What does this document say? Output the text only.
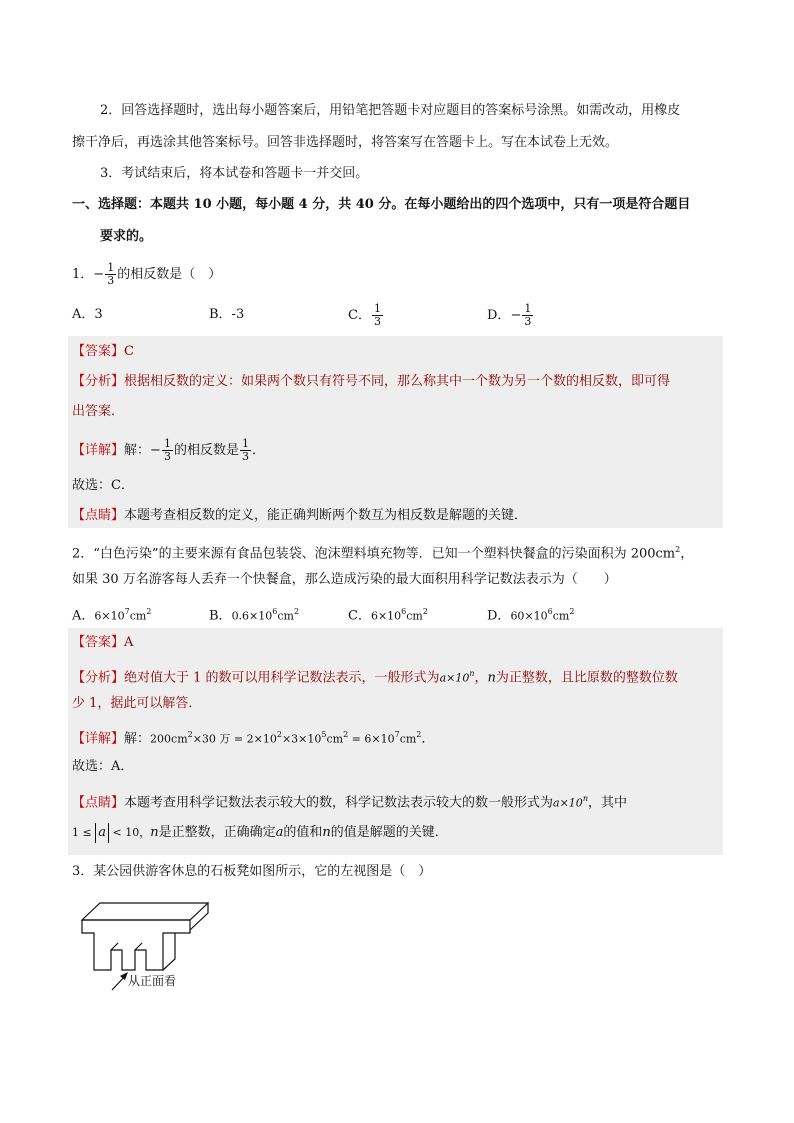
2．回答选择题时，选出每小题答案后，用铅笔把答题卡对应题目的答案标号涂黑。如需改动，用橡皮
擦干净后，再选涂其他答案标号。回答非选择题时，将答案写在答题卡上。写在本试卷上无效。
3．考试结束后，将本试卷和答题卡一并交回。
一、选择题：本题共 10 小题，每小题 4 分，共 40 分。在每小题给出的四个选项中，只有一项是符合题目
要求的。
1．− $\frac{1}{3}$ 的相反数是（　）
A．3	B．-3	C． $\frac{1}{3}$	D．− $\frac{1}{3}$
【答案】C
【分析】根据相反数的定义：如果两个数只有符号不同，那么称其中一个数为另一个数的相反数，即可得
出答案．
【详解】解：− $\frac{1}{3}$ 的相反数是 $\frac{1}{3}$ ．
故选：C．
【点睛】本题考查相反数的定义，能正确判断两个数互为相反数是解题的关键．
2．“白色污染”的主要来源有食品包装袋、泡沫塑料填充物等．已知一个塑料快餐盒的污染面积为 $200cm^2$，
如果 30 万名游客每人丢弃一个快餐盒，那么造成污染的最大面积用科学记数法表示为（　　）
A．$6\times 10^7cm^2$	B．$0.6\times 10^6cm^2$	C．$6\times 10^6cm^2$	D．$60\times 10^6cm^2$
【答案】A
【分析】绝对值大于 1 的数可以用科学记数法表示，一般形式为$a\times 10^n$，n为正整数，且比原数的整数位数
少 1，据此可以解答．
【详解】解：$200cm^2\times 30$ 万 = $2\times 10^2\times 3\times 10^5cm^2 = 6\times 10^7cm^2$．
故选：A．
【点睛】本题考查用科学记数法表示较大的数，科学记数法表示较大的数一般形式为$a\times 10^n$，其中
1 ≤ a < 10，n是正整数，正确确定a的值和n的值是解题的关键．
3．某公园供游客休息的石板凳如图所示，它的左视图是（　）
从正面看
